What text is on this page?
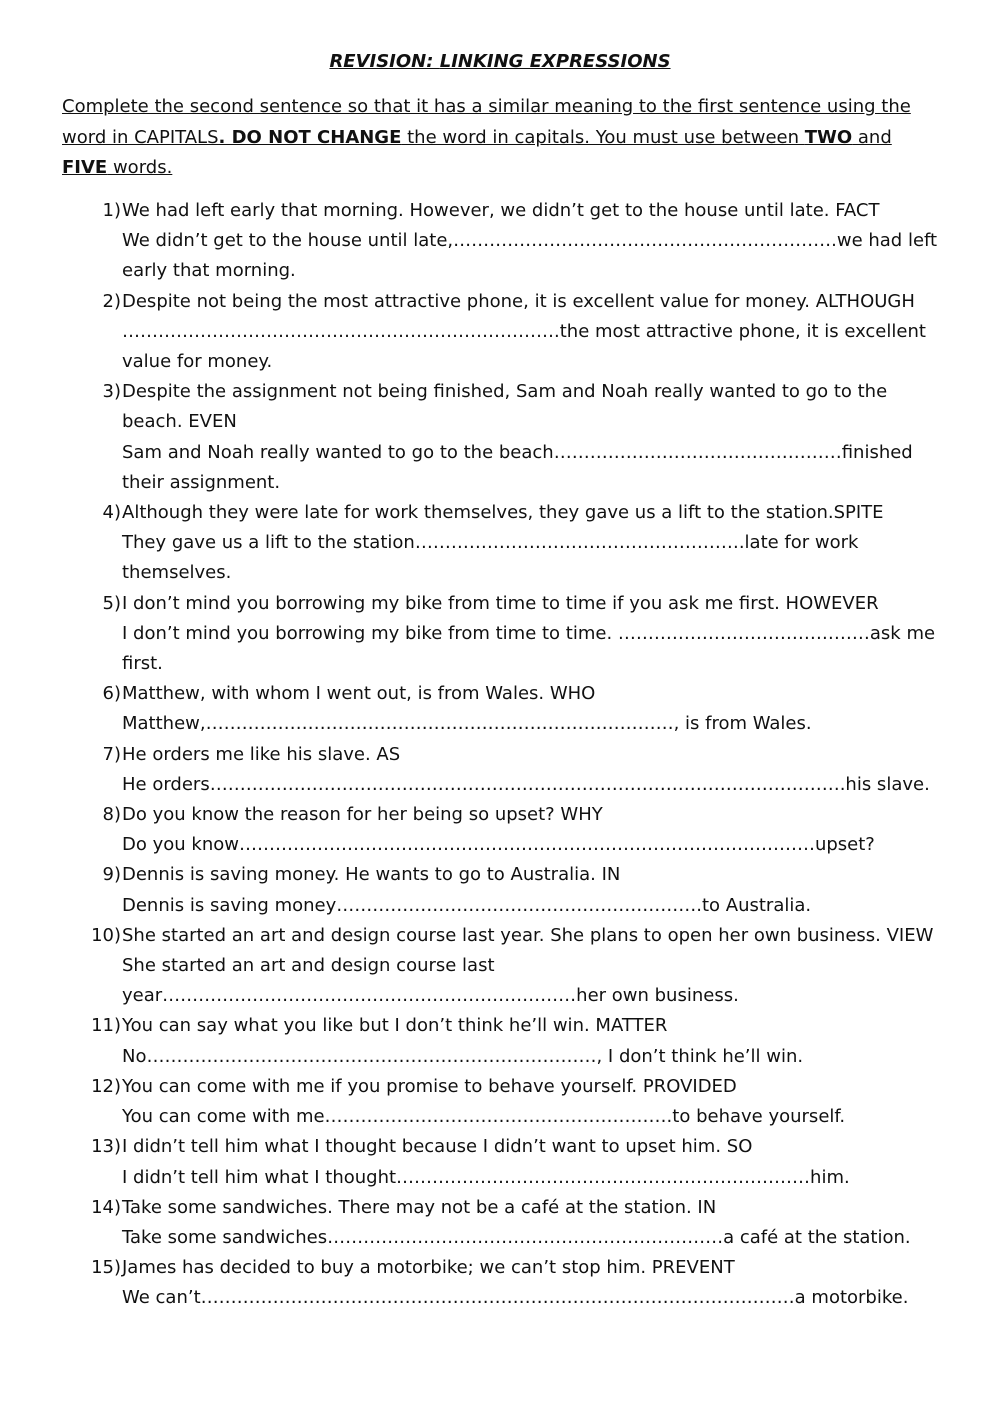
REVISION: LINKING EXPRESSIONS
Complete the second sentence so that it has a similar meaning to the first sentence using the word in CAPITALS. DO NOT CHANGE the word in capitals. You must use between TWO and FIVE words.
1) We had left early that morning. However, we didn’t get to the house until late. FACT
We didn’t get to the house until late,……………………………………………………….we had left early that morning.
2) Despite not being the most attractive phone, it is excellent value for money. ALTHOUGH
……………………………………………………………….the most attractive phone, it is excellent value for money.
3) Despite the assignment not being finished, Sam and Noah really wanted to go to the beach. EVEN
Sam and Noah really wanted to go to the beach…………………………………………finished their assignment.
4) Although they were late for work themselves, they gave us a lift to the station.SPITE
They gave us a lift to the station……………………………………………….late for work themselves.
5) I don’t mind you borrowing my bike from time to time if you ask me first. HOWEVER
I don’t mind you borrowing my bike from time to time. ……………………………………ask me first.
6) Matthew, with whom I went out, is from Wales. WHO
Matthew,……………………………………………………………………, is from Wales.
7) He orders me like his slave. AS
He orders…………………………………………………………………………………………….his slave.
8) Do you know the reason for her being so upset? WHY
Do you know……………………………………………………………………………………upset?
9) Dennis is saving money. He wants to go to Australia. IN
Dennis is saving money…………………………………………………….to Australia.
10) She started an art and design course last year. She plans to open her own business. VIEW
She started an art and design course last year……………………………………………………………her own business.
11) You can say what you like but I don’t think he’ll win. MATTER
No…………………………………………………………………, I don’t think he’ll win.
12) You can come with me if you promise to behave yourself. PROVIDED
You can come with me………………………………………………….to behave yourself.
13) I didn’t tell him what I thought because I didn’t want to upset him. SO
I didn’t tell him what I thought……………………………………………………………him.
14) Take some sandwiches. There may not be a café at the station. IN
Take some sandwiches…………………………………………………………a café at the station.
15) James has decided to buy a motorbike; we can’t stop him. PREVENT
We can’t………………………………………………………………………………………a motorbike.
